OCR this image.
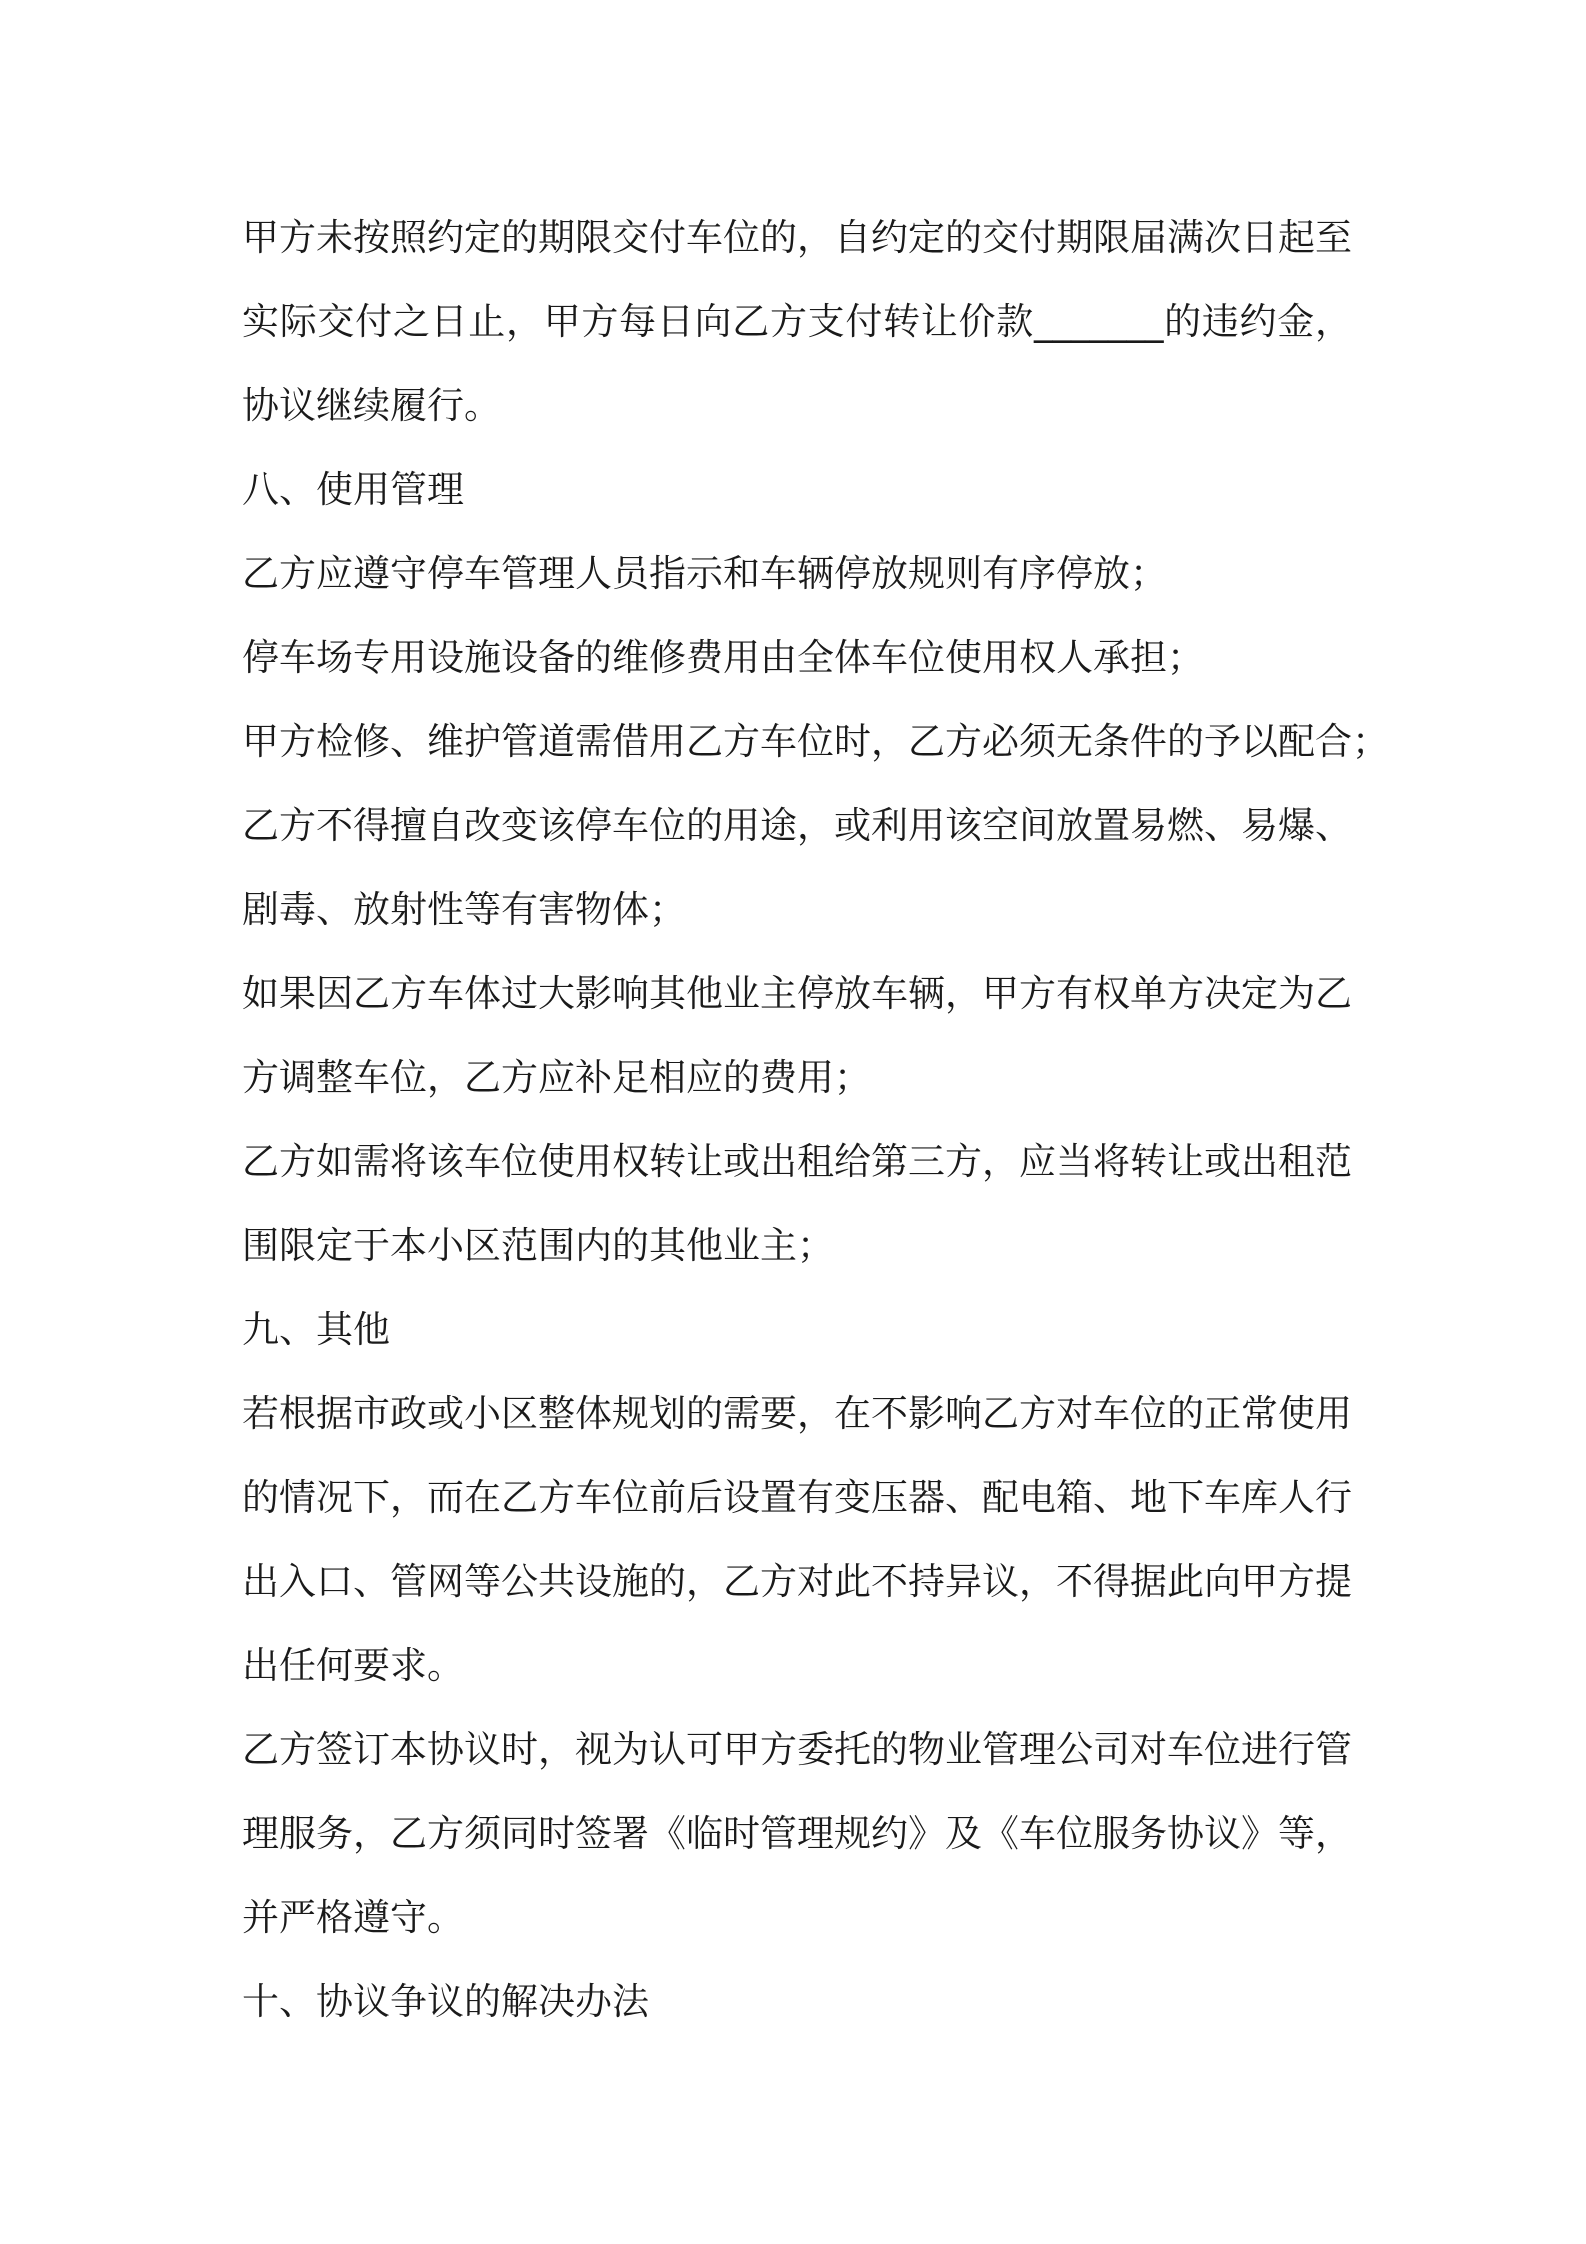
甲方未按照约定的期限交付车位的，自约定的交付期限届满次日起至
实际交付之日止，甲方每日向乙方支付转让价款_______的违约金，
协议继续履行。
八、使用管理
乙方应遵守停车管理人员指示和车辆停放规则有序停放；
停车场专用设施设备的维修费用由全体车位使用权人承担；
甲方检修、维护管道需借用乙方车位时，乙方必须无条件的予以配合；
乙方不得擅自改变该停车位的用途，或利用该空间放置易燃、易爆、
剧毒、放射性等有害物体；
如果因乙方车体过大影响其他业主停放车辆，甲方有权单方决定为乙
方调整车位，乙方应补足相应的费用；
乙方如需将该车位使用权转让或出租给第三方，应当将转让或出租范
围限定于本小区范围内的其他业主；
九、其他
若根据市政或小区整体规划的需要，在不影响乙方对车位的正常使用
的情况下，而在乙方车位前后设置有变压器、配电箱、地下车库人行
出入口、管网等公共设施的，乙方对此不持异议，不得据此向甲方提
出任何要求。
乙方签订本协议时，视为认可甲方委托的物业管理公司对车位进行管
理服务，乙方须同时签署《临时管理规约》及《车位服务协议》等，
并严格遵守。
十、协议争议的解决办法
